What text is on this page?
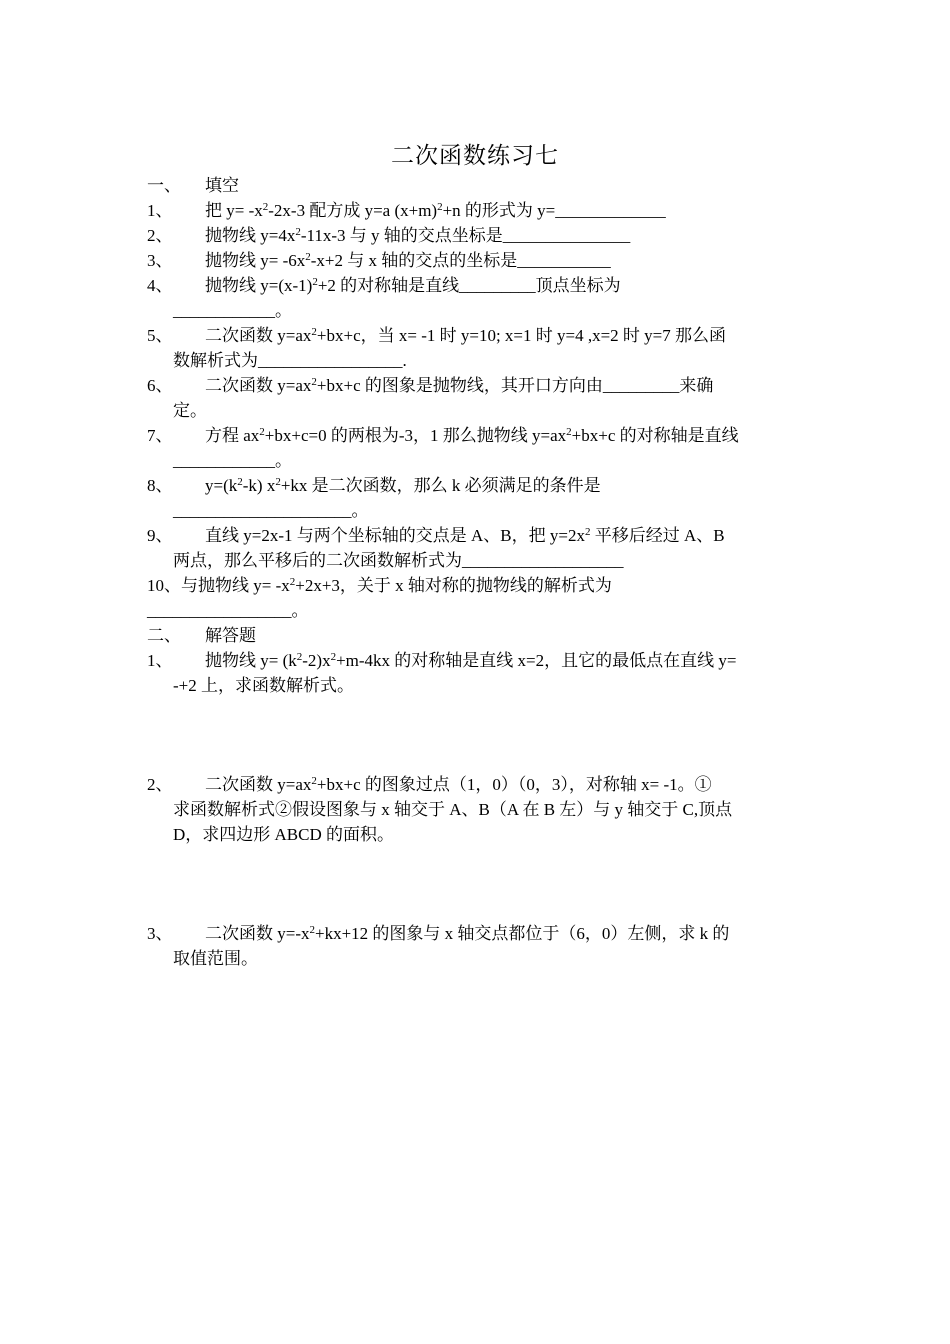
二次函数练习七
一、 填空
1、 把 $y= -x^2-2x-3$ 配方成 y=a $(x+m)^2+n$ 的形式为 y=_____________
2、 抛物线 $y=4x^2-11x-3$ 与 y 轴的交点坐标是_______________
3、 抛物线 $y= -6x^2-x+2$ 与 x 轴的交点的坐标是___________
4、 抛物线 $y=(x-1)^2+2$ 的对称轴是直线_________顶点坐标为
____________。
5、 二次函数 $y=ax^2+bx+c$，当 x= -1 时 y=10; x=1 时 y=4 ,x=2 时 y=7 那么函
数解析式为_________________.
6、 二次函数 $y=ax^2+bx+c$ 的图象是抛物线，其开口方向由_________来确
定。
7、 方程 $ax^2+bx+c=0$ 的两根为-3，1 那么抛物线 $y=ax^2+bx+c$ 的对称轴是直线
____________。
8、 $y=(k^2-k)$ $x^2+kx$ 是二次函数，那么 k 必须满足的条件是
_____________________。
9、 直线 y=2x-1 与两个坐标轴的交点是 A、B，把 $y=2x^2$ 平移后经过 A、B
两点，那么平移后的二次函数解析式为___________________
10、与抛物线 $y= -x^2+2x+3$，关于 x 轴对称的抛物线的解析式为
_________________。
二、 解答题
1、 抛物线 $y= (k^2-2)x^2+m-4kx$ 的对称轴是直线 x=2，且它的最低点在直线 y=
-+2 上，求函数解析式。
2、 二次函数 $y=ax^2+bx+c$ 的图象过点（1，0）（0，3），对称轴 x= -1。①
求函数解析式②假设图象与 x 轴交于 A、B（A 在 B 左）与 y 轴交于 C,顶点
D，求四边形 ABCD 的面积。
3、 二次函数 $y=-x^2+kx+12$ 的图象与 x 轴交点都位于（6，0）左侧，求 k 的
取值范围。
